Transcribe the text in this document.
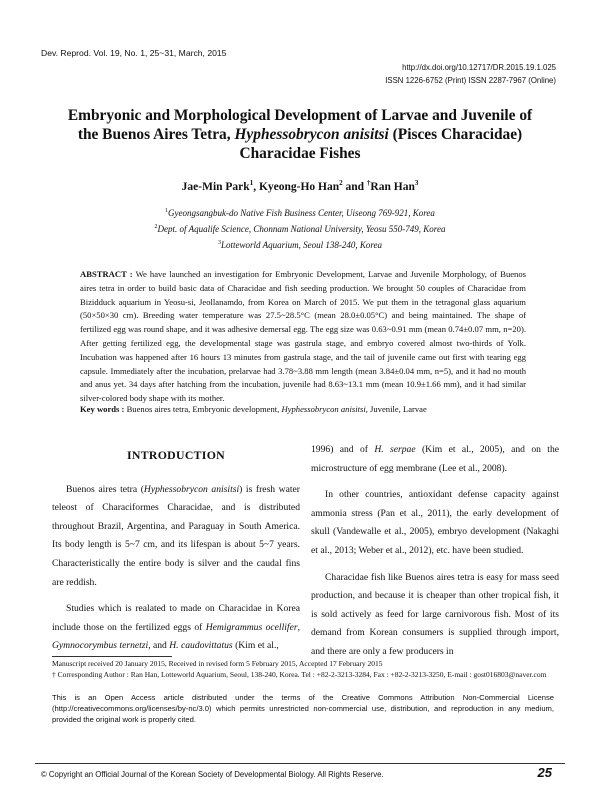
Dev. Reprod. Vol. 19, No. 1, 25~31, March, 2015
http://dx.doi.org/10.12717/DR.2015.19.1.025
ISSN 1226-6752 (Print) ISSN 2287-7967 (Online)
Embryonic and Morphological Development of Larvae and Juvenile of the Buenos Aires Tetra, Hyphessobrycon anisitsi (Pisces Characidae) Characidae Fishes
Jae-Min Park$^1$, Kyeong-Ho Han$^2$ and †Ran Han$^3$
$^1$Gyeongsangbuk-do Native Fish Business Center, Uiseong 769-921, Korea
$^2$Dept. of Aqualife Science, Chonnam National University, Yeosu 550-749, Korea
$^3$Lotteworld Aquarium, Seoul 138-240, Korea
ABSTRACT : We have launched an investigation for Embryonic Development, Larvae and Juvenile Morphology, of Buenos aires tetra in order to build basic data of Characidae and fish seeding production. We brought 50 couples of Characidae from Bizidduck aquarium in Yeosu-si, Jeollanamdo, from Korea on March of 2015. We put them in the tetragonal glass aquarium (50×50×30 cm). Breeding water temperature was 27.5~28.5°C (mean 28.0±0.05°C) and being maintained. The shape of fertilized egg was round shape, and it was adhesive demersal egg. The egg size was 0.63~0.91 mm (mean 0.74±0.07 mm, n=20). After getting fertilized egg, the developmental stage was gastrula stage, and embryo covered almost two-thirds of Yolk. Incubation was happened after 16 hours 13 minutes from gastrula stage, and the tail of juvenile came out first with tearing egg capsule. Immediately after the incubation, prelarvae had 3.78~3.88 mm length (mean 3.84±0.04 mm, n=5), and it had no mouth and anus yet. 34 days after hatching from the incubation, juvenile had 8.63~13.1 mm (mean 10.9±1.66 mm), and it had similar silver-colored body shape with its mother.
Key words : Buenos aires tetra, Embryonic development, Hyphessobrycon anisitsi, Juvenile, Larvae
INTRODUCTION

Buenos aires tetra (Hyphessobrycon anisitsi) is fresh water teleost of Characiformes Characidae, and is distributed throughout Brazil, Argentina, and Paraguay in South America. Its body length is 5~7 cm, and its lifespan is about 5~7 years. Characteristically the entire body is silver and the caudal fins are reddish.

Studies which is realated to made on Characidae in Korea include those on the fertilized eggs of Hemigrammus ocellifer, Gymnocorymbus ternetzi, and H. caudovittatus (Kim et al.,

1996) and of H. serpae (Kim et al., 2005), and on the microstructure of egg membrane (Lee et al., 2008).

In other countries, antioxidant defense capacity against ammonia stress (Pan et al., 2011), the early development of skull (Vandewalle et al., 2005), embryo development (Nakaghi et al., 2013; Weber et al., 2012), etc. have been studied.

Characidae fish like Buenos aires tetra is easy for mass seed production, and because it is cheaper than other tropical fish, it is sold actively as feed for large carnivorous fish. Most of its demand from Korean consumers is supplied through import, and there are only a few producers in

Manuscript received 20 January 2015, Received in revised form 5 February 2015, Accepted 17 February 2015
† Corresponding Author : Ran Han, Lotteworld Aquarium, Seoul, 138-240, Korea. Tel : +82-2-3213-3284, Fax : +82-2-3213-3250, E-mail : gost016803@naver.com
This is an Open Access article distributed under the terms of the Creative Commons Attribution Non-Commercial License (http://creativecommons.org/licenses/by-nc/3.0) which permits unrestricted non-commercial use, distribution, and reproduction in any medium, provided the original work is properly cited.
© Copyright an Official Journal of the Korean Society of Developmental Biology. All Rights Reserve.	25
